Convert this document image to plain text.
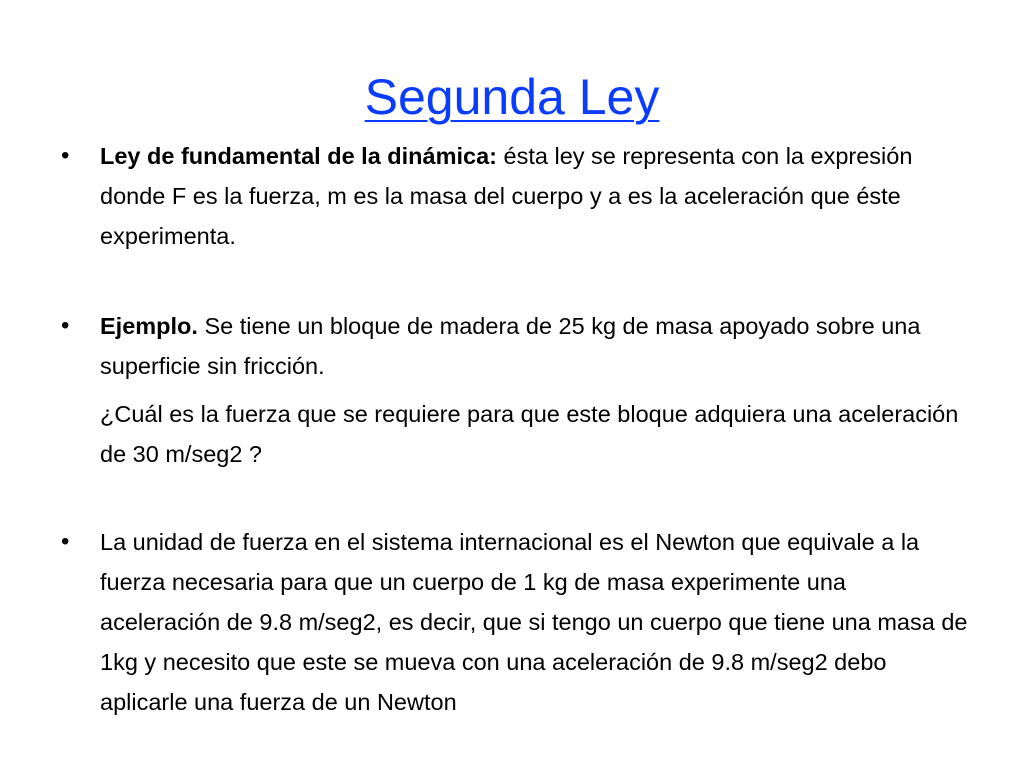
Segunda Ley
•	Ley de fundamental de la dinámica: ésta ley se representa con la expresióndonde F es la fuerza, m es la masa del cuerpo y a es la aceleración que éste experimenta.

•	Ejemplo. Se tiene un bloque de madera de 25 kg de masa apoyado sobre una superficie sin fricción.

¿Cuál es la fuerza que se requiere para que este bloque adquiera una aceleración de 30 m/seg2 ?

•	La unidad de fuerza en el sistema internacional es el Newton que equivale a la fuerza necesaria para que un cuerpo de 1 kg de masa experimente una aceleración de 9.8 m/seg2, es decir, que si tengo un cuerpo que tiene una masa de 1kg y necesito que este se mueva con una aceleración de 9.8 m/seg2 debo aplicarle una fuerza de un Newton
